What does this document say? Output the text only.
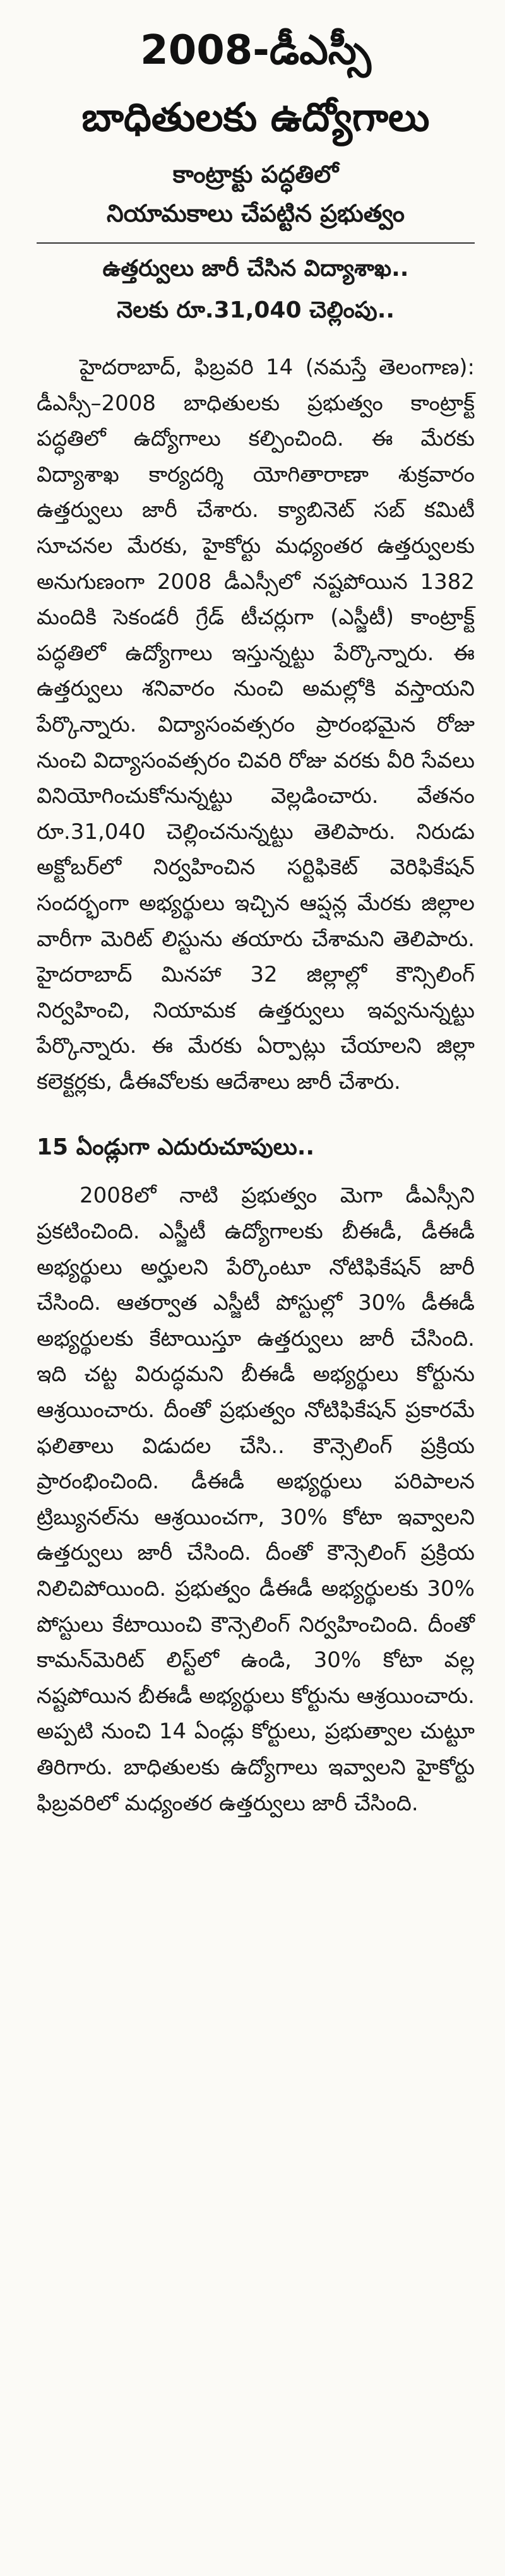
2008-డీఎస్సీ
బాధితులకు ఉద్యోగాలు
కాంట్రాక్టు పద్ధతిలో
నియామకాలు చేపట్టిన ప్రభుత్వం
ఉత్తర్వులు జారీ చేసిన విద్యాశాఖ..
నెలకు రూ.31,040 చెల్లింపు..

హైదరాబాద్, ఫిబ్రవరి 14 (నమస్తే తెలంగాణ): డీఎస్సీ–2008 బాధితులకు ప్రభుత్వం కాంట్రాక్ట్ పద్ధతిలో ఉద్యోగాలు కల్పించింది. ఈ మేరకు విద్యాశాఖ కార్యదర్శి యోగితారాణా శుక్రవారం ఉత్తర్వులు జారీ చేశారు. క్యాబినెట్ సబ్ కమిటీ సూచనల మేరకు, హైకోర్టు మధ్యంతర ఉత్తర్వులకు అనుగుణంగా 2008 డీఎస్సీలో నష్టపోయిన 1382 మందికి సెకండరీ గ్రేడ్ టీచర్లుగా (ఎస్జీటీ) కాంట్రాక్ట్ పద్ధతిలో ఉద్యోగాలు ఇస్తున్నట్టు పేర్కొన్నారు. ఈ ఉత్తర్వులు శనివారం నుంచి అమల్లోకి వస్తాయని పేర్కొన్నారు. విద్యాసంవత్సరం ప్రారంభమైన రోజు నుంచి విద్యాసంవత్సరం చివరి రోజు వరకు వీరి సేవలు వినియోగించుకోనున్నట్టు వెల్లడించారు. వేతనం రూ.31,040 చెల్లించనున్నట్టు తెలిపారు. నిరుడు అక్టోబర్‌లో నిర్వహించిన సర్టిఫికెట్ వెరిఫికేషన్ సందర్భంగా అభ్యర్థులు ఇచ్చిన ఆప్షన్ల మేరకు జిల్లాల వారీగా మెరిట్ లిస్టును తయారు చేశామని తెలిపారు. హైదరాబాద్ మినహా 32 జిల్లాల్లో కౌన్సిలింగ్ నిర్వహించి, నియామక ఉత్తర్వులు ఇవ్వనున్నట్టు పేర్కొన్నారు. ఈ మేరకు ఏర్పాట్లు చేయాలని జిల్లా కలెక్టర్లకు, డీఈవోలకు ఆదేశాలు జారీ చేశారు.

15 ఏండ్లుగా ఎదురుచూపులు..

2008లో నాటి ప్రభుత్వం మెగా డీఎస్సీని ప్రకటించింది. ఎస్జీటీ ఉద్యోగాలకు బీఈడీ, డీఈడీ అభ్యర్థులు అర్హులని పేర్కొంటూ నోటిఫికేషన్ జారీ చేసింది. ఆతర్వాత ఎస్జీటీ పోస్టుల్లో 30% డీఈడీ అభ్యర్థులకు కేటాయిస్తూ ఉత్తర్వులు జారీ చేసింది. ఇది చట్ట విరుద్ధమని బీఈడీ అభ్యర్థులు కోర్టును ఆశ్రయించారు. దీంతో ప్రభుత్వం నోటిఫికేషన్ ప్రకారమే ఫలితాలు విడుదల చేసి.. కౌన్సెలింగ్ ప్రక్రియ ప్రారంభించింది. డీఈడీ అభ్యర్థులు పరిపాలన ట్రిబ్యునల్‌ను ఆశ్రయించగా, 30% కోటా ఇవ్వాలని ఉత్తర్వులు జారీ చేసింది. దీంతో కౌన్సెలింగ్ ప్రక్రియ నిలిచిపోయింది. ప్రభుత్వం డీఈడీ అభ్యర్థులకు 30% పోస్టులు కేటాయించి కౌన్సెలింగ్ నిర్వహించింది. దీంతో కామన్‌మెరిట్ లిస్ట్‌లో ఉండి, 30% కోటా వల్ల నష్టపోయిన బీఈడీ అభ్యర్థులు కోర్టును ఆశ్రయించారు. అప్పటి నుంచి 14 ఏండ్లు కోర్టులు, ప్రభుత్వాల చుట్టూ తిరిగారు. బాధితులకు ఉద్యోగాలు ఇవ్వాలని హైకోర్టు ఫిబ్రవరిలో మధ్యంతర ఉత్తర్వులు జారీ చేసింది.
